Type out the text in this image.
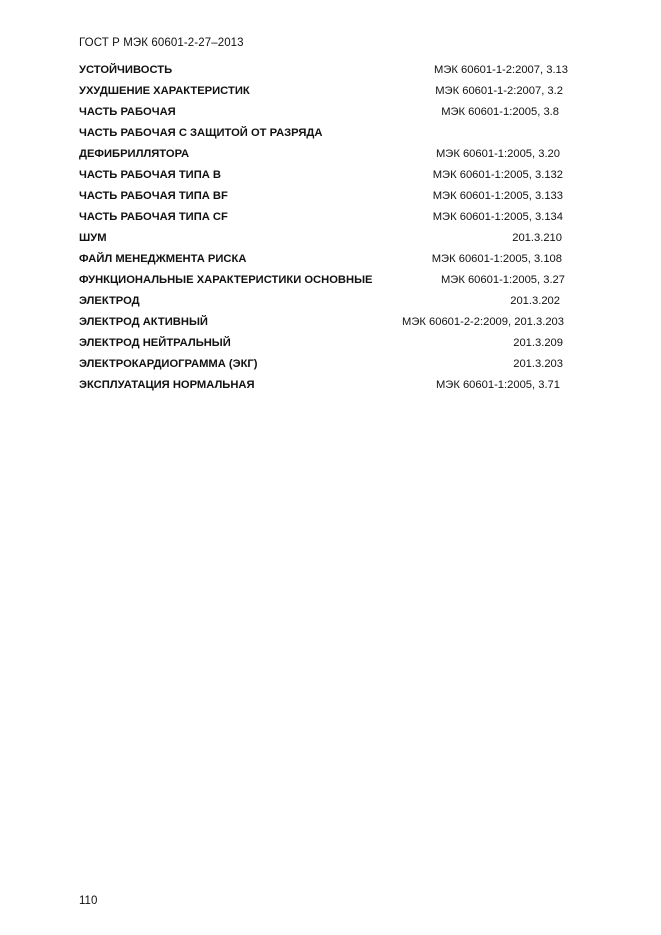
ГОСТ Р МЭК 60601-2-27–2013
УСТОЙЧИВОСТЬ	МЭК 60601-1-2:2007, 3.13
УХУДШЕНИЕ ХАРАКТЕРИСТИК	МЭК 60601-1-2:2007, 3.2
ЧАСТЬ РАБОЧАЯ	МЭК 60601-1:2005, 3.8
ЧАСТЬ РАБОЧАЯ С ЗАЩИТОЙ ОТ РАЗРЯДА
ДЕФИБРИЛЛЯТОРА	МЭК 60601-1:2005, 3.20
ЧАСТЬ РАБОЧАЯ ТИПА В	МЭК 60601-1:2005, 3.132
ЧАСТЬ РАБОЧАЯ ТИПА BF	МЭК 60601-1:2005, 3.133
ЧАСТЬ РАБОЧАЯ ТИПА CF	МЭК 60601-1:2005, 3.134
ШУМ	201.3.210
ФАЙЛ МЕНЕДЖМЕНТА РИСКА	МЭК 60601-1:2005, 3.108
ФУНКЦИОНАЛЬНЫЕ ХАРАКТЕРИСТИКИ ОСНОВНЫЕ	МЭК 60601-1:2005, 3.27
ЭЛЕКТРОД	201.3.202
ЭЛЕКТРОД АКТИВНЫЙ	МЭК 60601-2-2:2009, 201.3.203
ЭЛЕКТРОД НЕЙТРАЛЬНЫЙ	201.3.209
ЭЛЕКТРОКАРДИОГРАММА (ЭКГ)	201.3.203
ЭКСПЛУАТАЦИЯ НОРМАЛЬНАЯ	МЭК 60601-1:2005, 3.71
110
